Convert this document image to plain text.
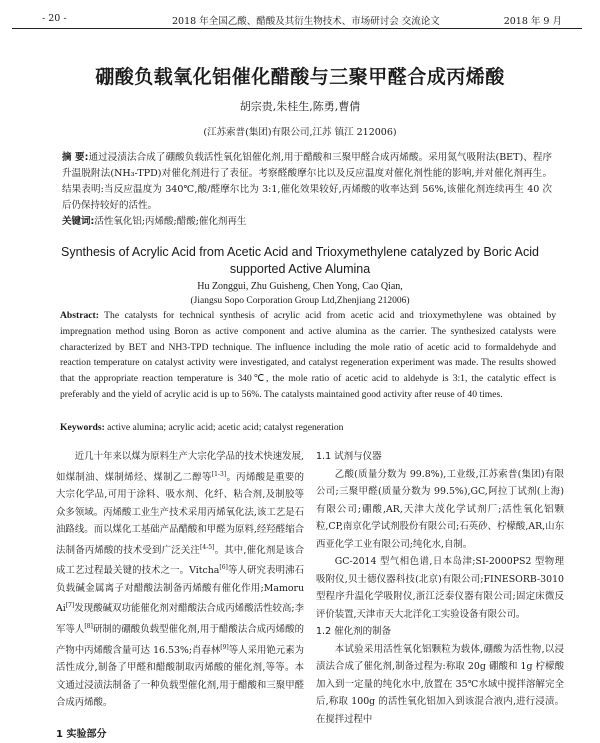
- 20 -	2018 年全国乙酸、醋酸及其衍生物技术、市场研讨会 交流论文	2018 年 9 月
硼酸负载氧化铝催化醋酸与三聚甲醛合成丙烯酸
胡宗贵,朱桂生,陈勇,曹倩
(江苏索普(集团)有限公司,江苏 镇江 212006)
摘 要:通过浸渍法合成了硼酸负载活性氧化铝催化剂,用于醋酸和三聚甲醛合成丙烯酸。采用氮气吸附法(BET)、程序升温脱附法(NH₃-TPD)对催化剂进行了表征。考察醛酸摩尔比以及反应温度对催化剂性能的影响,并对催化剂再生。结果表明:当反应温度为 340℃,酸/醛摩尔比为 3:1,催化效果较好,丙烯酸的收率达到 56%,该催化剂连续再生 40 次后仍保持较好的活性。
关键词:活性氧化铝;丙烯酸;醋酸;催化剂再生
Synthesis of Acrylic Acid from Acetic Acid and Trioxymethylene catalyzed by Boric Acid supported Active Alumina
Hu Zonggui, Zhu Guisheng, Chen Yong, Cao Qian,
(Jiangsu Sopo Corporation Group Ltd,Zhenjiang 212006)
Abstract: The catalysts for technical synthesis of acrylic acid from acetic acid and trioxymethylene was obtained by impregnation method using Boron as active component and active alumina as the carrier. The synthesized catalysts were characterized by BET and NH3-TPD technique. The influence including the mole ratio of acetic acid to formaldehyde and reaction temperature on catalyst activity were investigated, and catalyst regeneration experiment was made. The results showed that the appropriate reaction temperature is 340℃, the mole ratio of acetic acid to aldehyde is 3:1, the catalytic effect is preferably and the yield of acrylic acid is up to 56%. The catalysts maintained good activity after reuse of 40 times.
Keywords: active alumina; acrylic acid; acetic acid; catalyst regeneration

近几十年来以煤为原料生产大宗化学品的技术快速发展,如煤制油、煤制烯烃、煤制乙二醇等[1-3]。丙烯酸是重要的大宗化学品,可用于涂料、吸水剂、化纤、粘合剂,及制胶等众多领域。丙烯酸工业生产技术采用丙烯氧化法,该工艺是石油路线。而以煤化工基础产品醋酸和甲醛为原料,经羟醛缩合法制备丙烯酸的技术受到广泛关注[4-5]。其中,催化剂是该合成工艺过程最关键的技术之一。Vitcha[6]等人研究表明沸石负载碱金属离子对醋酸法制备丙烯酸有催化作用;Mamoru Ai[7]发现酸碱双功能催化剂对醋酸法合成丙烯酸活性较高;李军等人[8]研制的硼酸负载型催化剂,用于醋酸法合成丙烯酸的产物中丙烯酸含量可达 16.53%;肖春林[9]等人采用铯元素为活性成分,制备了甲醛和醋酸制取丙烯酸的催化剂,等等。本文通过浸渍法制备了一种负载型催化剂,用于醋酸和三聚甲醛合成丙烯酸。

1 实验部分
1.1 试剂与仪器

乙酸(质量分数为 99.8%),工业级,江苏索普(集团)有限公司;三聚甲醛(质量分数为 99.5%),GC,阿拉丁试剂(上海)有限公司;硼酸,AR,天津大茂化学试剂厂;活性氧化铝颗粒,CP,南京化学试剂股份有限公司;石英砂、柠檬酸,AR,山东西亚化学工业有限公司;纯化水,自制。

GC-2014 型气相色谱,日本岛津;SI-2000PS2 型物理吸附仪,贝士德仪器科技(北京)有限公司;FINESORB-3010 型程序升温化学吸附仪,浙江泛泰仪器有限公司;固定床微反评价装置,天津市天大北洋化工实验设备有限公司。

1.2 催化剂的制备

本试验采用活性氧化铝颗粒为载体,硼酸为活性物,以浸渍法合成了催化剂,制备过程为:称取 20g 硼酸和 1g 柠檬酸加入到一定量的纯化水中,放置在 35℃水域中搅拌溶解完全后,称取 100g 的活性氧化铝加入到该混合液内,进行浸渍。在搅拌过程中
